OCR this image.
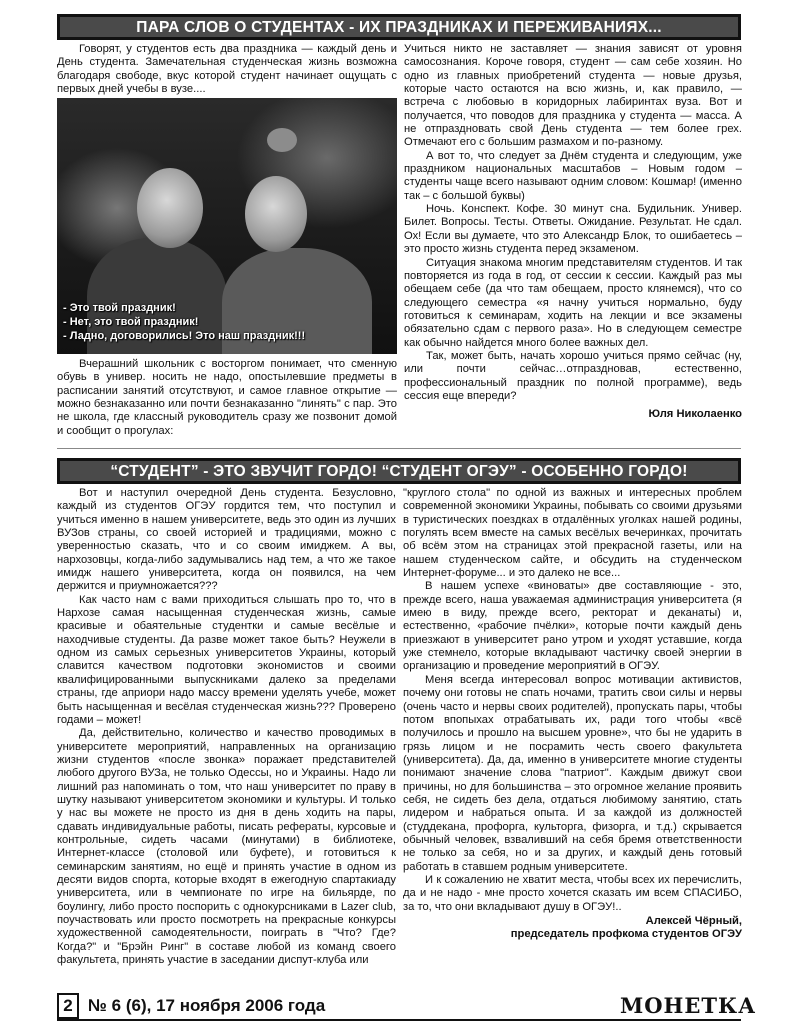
ПАРА СЛОВ О СТУДЕНТАХ - ИХ ПРАЗДНИКАХ И ПЕРЕЖИВАНИЯХ...

Говорят, у студентов есть два праздника — каждый день и День студента. Замечательная студенческая жизнь возможна благодаря свободе, вкус которой студент начинает ощущать с первых дней учебы в вузе....

- Это твой праздник!
- Нет, это твой праздник!
- Ладно, договорились! Это наш праздник!!!

Вчерашний школьник с восторгом понимает, что сменную обувь в универ. носить не надо, опостылевшие предметы в расписании занятий отсутствуют, и самое главное открытие — можно безнаказанно или почти безнаказанно "линять" с пар. Это не школа, где классный руководитель сразу же позвонит домой и сообщит о прогулах:

Учиться никто не заставляет — знания зависят от уровня самосознания. Короче говоря, студент — сам себе хозяин. Но одно из главных приобретений студента — новые друзья, которые часто остаются на всю жизнь, и, как правило, — встреча с любовью в коридорных лабиринтах вуза. Вот и получается, что поводов для праздника у студента — масса. А не отпраздновать свой День студента — тем более грех. Отмечают его с большим размахом и по-разному.

А вот то, что следует за Днём студента и следующим, уже праздником национальных масштабов – Новым годом – студенты чаще всего называют одним словом: Кошмар! (именно так – с большой буквы)

Ночь. Конспект. Кофе. 30 минут сна. Будильник. Универ. Билет. Вопросы. Тесты. Ответы. Ожидание. Результат. Не сдал. Ох! Если вы думаете, что это Александр Блок, то ошибаетесь – это просто жизнь студента перед экзаменом.

Ситуация знакома многим представителям студентов. И так повторяется из года в год, от сессии к сессии. Каждый раз мы обещаем себе (да что там обещаем, просто клянемся), что со следующего семестра «я начну учиться нормально, буду готовиться к семинарам, ходить на лекции и все экзамены обязательно сдам с первого раза». Но в следующем семестре как обычно найдется много более важных дел.

Так, может быть, начать хорошо учиться прямо сейчас (ну, или почти сейчас…отпраздновав, естественно, профессиональный праздник по полной программе), ведь сессия еще впереди?

Юля Николаенко
“СТУДЕНТ” - ЭТО ЗВУЧИТ ГОРДО! “СТУДЕНТ ОГЭУ” - ОСОБЕННО ГОРДО!

Вот и наступил очередной День студента. Безусловно, каждый из студентов ОГЭУ гордится тем, что поступил и учиться именно в нашем университете, ведь это один из лучших ВУЗов страны, со своей историей и традициями, можно с уверенностью сказать, что и со своим имиджем. А вы, нархозовцы, когда-либо задумывались над тем, а что же такое имидж нашего университета, когда он появился, на чем держится и приумножается???

Как часто нам с вами приходиться слышать про то, что в Нархозе самая насыщенная студенческая жизнь, самые красивые и обаятельные студентки и самые весёлые и находчивые студенты. Да разве может такое быть? Неужели в одном из самых серьезных университетов Украины, который славится качеством подготовки экономистов и своими квалифицированными выпускниками далеко за пределами страны, где априори надо массу времени уделять учебе, может быть насыщенная и весёлая студенческая жизнь??? Проверено годами – может!

Да, действительно, количество и качество проводимых в университете мероприятий, направленных на организацию жизни студентов «после звонка» поражает представителей любого другого ВУЗа, не только Одессы, но и Украины. Надо ли лишний раз напоминать о том, что наш университет по праву в шутку называют университетом экономики и культуры. И только у нас вы можете не просто из дня в день ходить на пары, сдавать индивидуальные работы, писать рефераты, курсовые и контрольные, сидеть часами (минутами) в библиотеке, Интернет-классе (столовой или буфете), и готовиться к семинарским занятиям, но ещё и принять участие в одном из десяти видов спорта, которые входят в ежегодную спартакиаду университета, или в чемпионате по игре на бильярде, по боулингу, либо просто поспорить с однокурсниками в Lazer club, поучаствовать или просто посмотреть на прекрасные конкурсы художественной самодеятельности, поиграть в "Что? Где? Когда?" и "Брэйн Ринг" в составе любой из команд своего факультета, принять участие в заседании диспут-клуба или

"круглого стола" по одной из важных и интересных проблем современной экономики Украины, побывать со своими друзьями в туристических поездках в отдалённых уголках нашей родины, погулять всем вместе на самых весёлых вечеринках, прочитать об всём этом на страницах этой прекрасной газеты, или на нашем студенческом сайте, и обсудить на студенческом Интернет-форуме... и это далеко не все...

В нашем успехе «виноваты» две составляющие - это, прежде всего, наша уважаемая администрация университета (я имею в виду, прежде всего, ректорат и деканаты) и, естественно, «рабочие пчёлки», которые почти каждый день приезжают в университет рано утром и уходят уставшие, когда уже стемнело, которые вкладывают частичку своей энергии в организацию и проведение мероприятий в ОГЭУ.

Меня всегда интересовал вопрос мотивации активистов, почему они готовы не спать ночами, тратить свои силы и нервы (очень часто и нервы своих родителей), пропускать пары, чтобы потом впопыхах отрабатывать их, ради того чтобы «всё получилось и прошло на высшем уровне», что бы не ударить в грязь лицом и не посрамить честь своего факультета (университета). Да, да, именно в университете многие студенты понимают значение слова "патриот". Каждым движут свои причины, но для большинства – это огромное желание проявить себя, не сидеть без дела, отдаться любимому занятию, стать лидером и набраться опыта. И за каждой из должностей (студдекана, профорга, культорга, физорга, и т.д.) скрывается обычный человек, взваливший на себя бремя ответственности не только за себя, но и за других, и каждый день готовый работать в ставшем родным университете.

И к сожалению не хватит места, чтобы всех их перечислить, да и не надо - мне просто хочется сказать им всем СПАСИБО, за то, что они вкладывают душу в ОГЭУ!..

Алексей Чёрный,
председатель профкома студентов ОГЭУ
2 № 6 (6), 17 ноября 2006 года	МОНЕТКА
